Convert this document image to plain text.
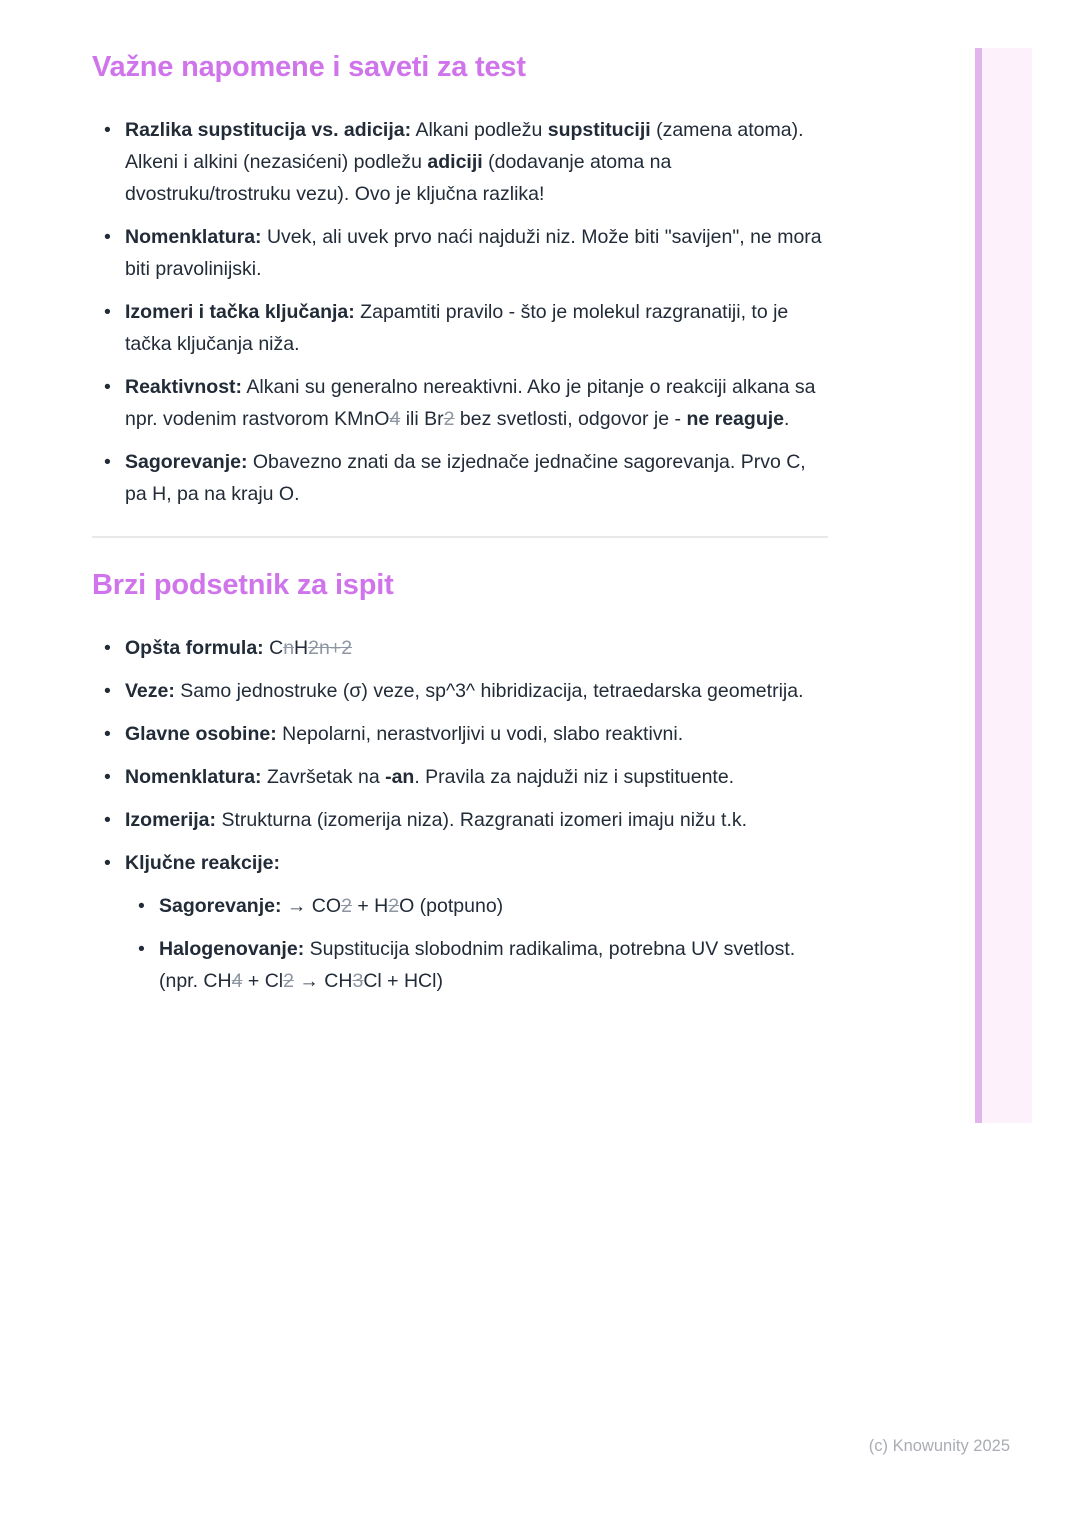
Važne napomene i saveti za test
• Razlika supstitucija vs. adicija: Alkani podležu supstituciji (zamena atoma). Alkeni i alkini (nezasićeni) podležu adiciji (dodavanje atoma na dvostruku/trostruku vezu). Ovo je ključna razlika!
• Nomenklatura: Uvek, ali uvek prvo naći najduži niz. Može biti "savijen", ne mora biti pravolinijski.
• Izomeri i tačka ključanja: Zapamtiti pravilo - što je molekul razgranatiji, to je tačka ključanja niža.
• Reaktivnost: Alkani su generalno nereaktivni. Ako je pitanje o reakciji alkana sa npr. vodenim rastvorom KMnO4 ili Br2 bez svetlosti, odgovor je - ne reaguje.
• Sagorevanje: Obavezno znati da se izjednače jednačine sagorevanja. Prvo C, pa H, pa na kraju O.
Brzi podsetnik za ispit
• Opšta formula: CnH2n+2
• Veze: Samo jednostruke (σ) veze, sp^3^ hibridizacija, tetraedarska geometrija.
• Glavne osobine: Nepolarni, nerastvorljivi u vodi, slabo reaktivni.
• Nomenklatura: Završetak na -an. Pravila za najduži niz i supstituente.
• Izomerija: Strukturna (izomerija niza). Razgranati izomeri imaju nižu t.k.
• Ključne reakcije:
• Sagorevanje: → CO2 + H2O (potpuno)
• Halogenovanje: Supstitucija slobodnim radikalima, potrebna UV svetlost. (npr. CH4 + Cl2 → CH3Cl + HCl)
(c) Knowunity 2025
